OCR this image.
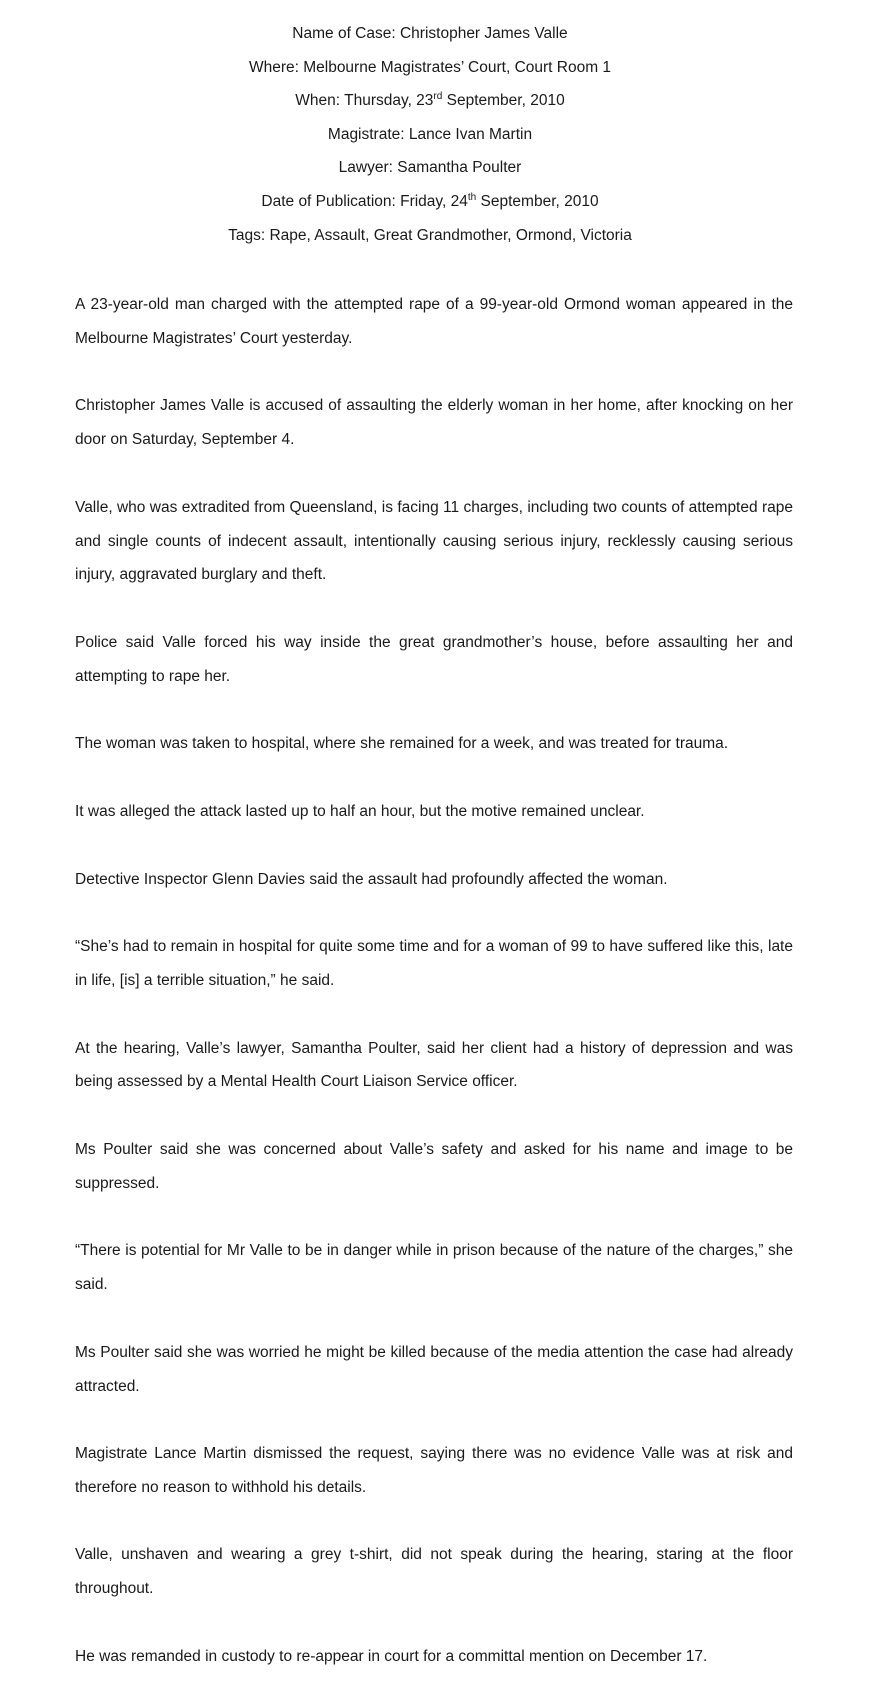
Name of Case: Christopher James Valle
Where: Melbourne Magistrates’ Court, Court Room 1
When: Thursday, 23rd September, 2010
Magistrate: Lance Ivan Martin
Lawyer: Samantha Poulter
Date of Publication: Friday, 24th September, 2010
Tags: Rape, Assault, Great Grandmother, Ormond, Victoria

A 23-year-old man charged with the attempted rape of a 99-year-old Ormond woman appeared in the Melbourne Magistrates’ Court yesterday.

Christopher James Valle is accused of assaulting the elderly woman in her home, after knocking on her door on Saturday, September 4.

Valle, who was extradited from Queensland, is facing 11 charges, including two counts of attempted rape and single counts of indecent assault, intentionally causing serious injury, recklessly causing serious injury, aggravated burglary and theft.

Police said Valle forced his way inside the great grandmother’s house, before assaulting her and attempting to rape her.

The woman was taken to hospital, where she remained for a week, and was treated for trauma.

It was alleged the attack lasted up to half an hour, but the motive remained unclear.

Detective Inspector Glenn Davies said the assault had profoundly affected the woman.

“She’s had to remain in hospital for quite some time and for a woman of 99 to have suffered like this, late in life, [is] a terrible situation,” he said.

At the hearing, Valle’s lawyer, Samantha Poulter, said her client had a history of depression and was being assessed by a Mental Health Court Liaison Service officer.

Ms Poulter said she was concerned about Valle’s safety and asked for his name and image to be suppressed.

“There is potential for Mr Valle to be in danger while in prison because of the nature of the charges,” she said.

Ms Poulter said she was worried he might be killed because of the media attention the case had already attracted.

Magistrate Lance Martin dismissed the request, saying there was no evidence Valle was at risk and therefore no reason to withhold his details.

Valle, unshaven and wearing a grey t-shirt, did not speak during the hearing, staring at the floor throughout.

He was remanded in custody to re-appear in court for a committal mention on December 17.
